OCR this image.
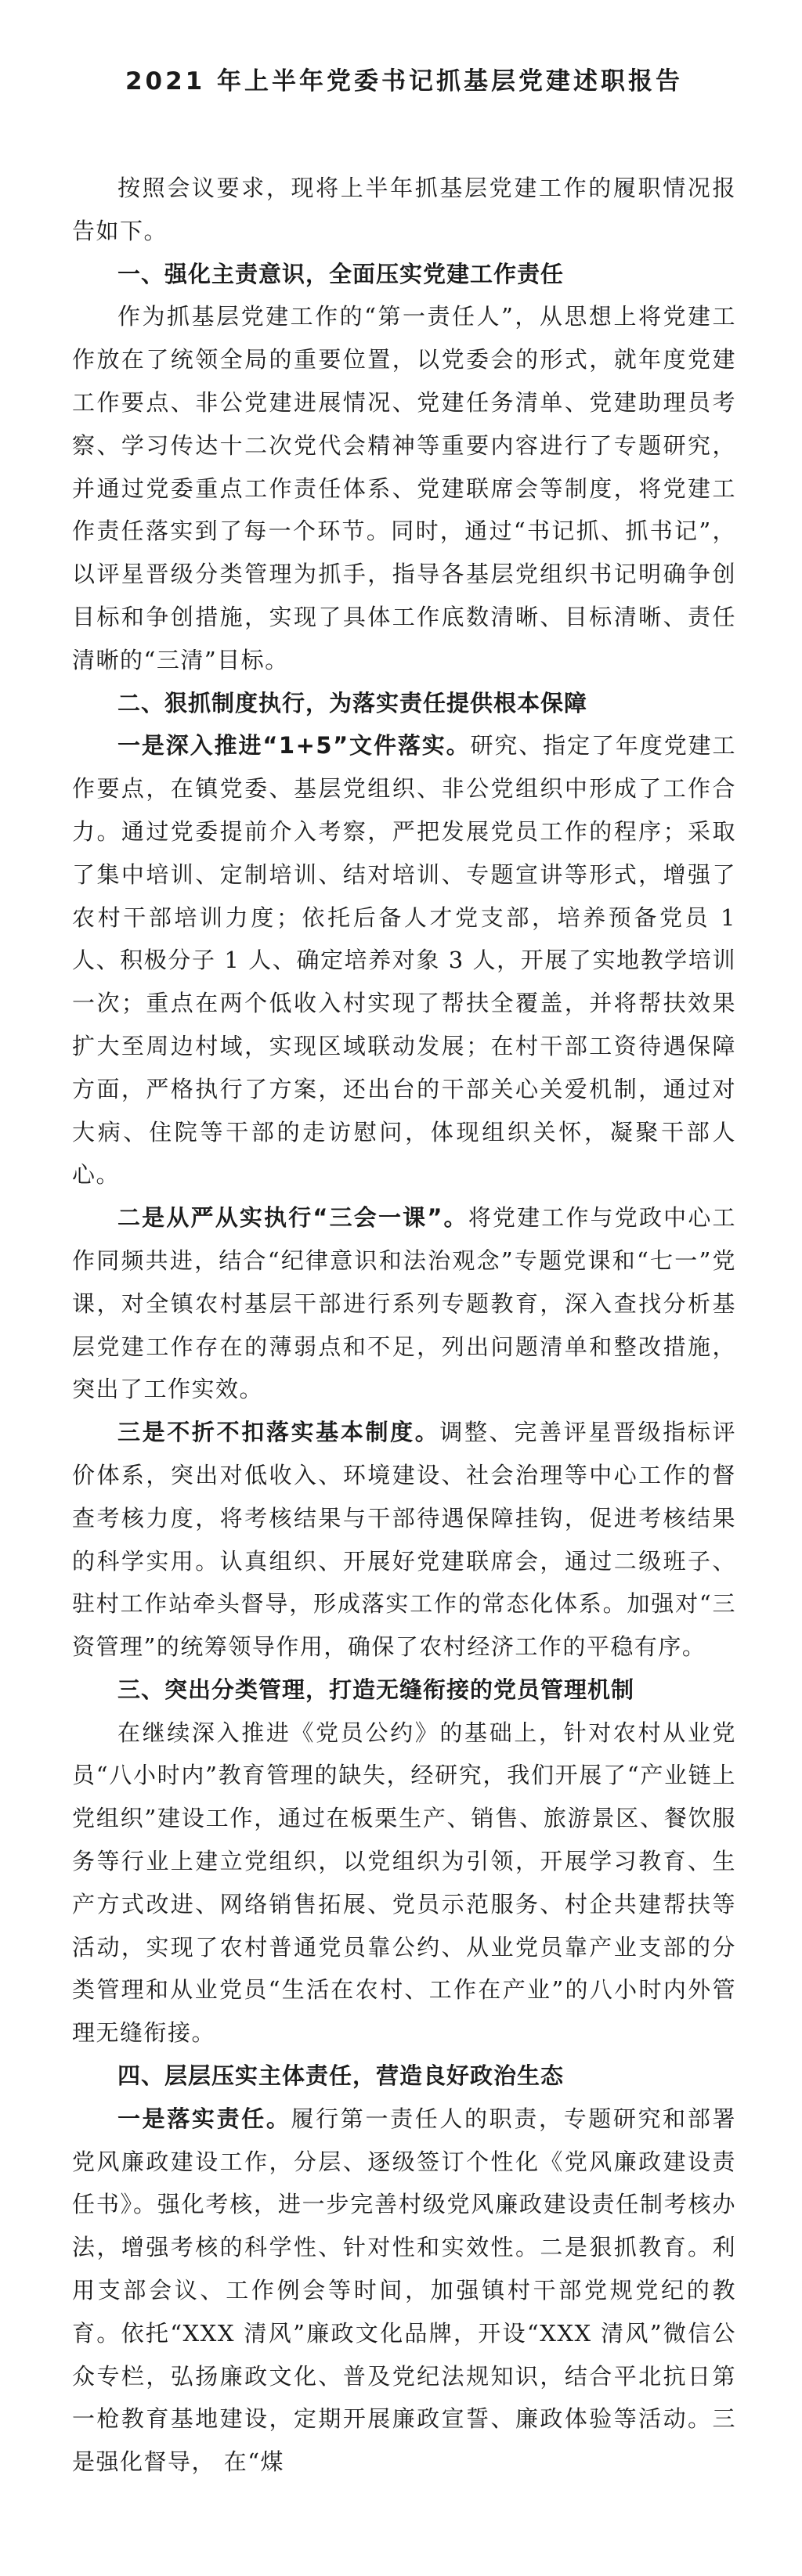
2021 年上半年党委书记抓基层党建述职报告

按照会议要求，现将上半年抓基层党建工作的履职情况报告如下。

一、强化主责意识，全面压实党建工作责任

作为抓基层党建工作的“第一责任人”，从思想上将党建工作放在了统领全局的重要位置，以党委会的形式，就年度党建工作要点、非公党建进展情况、党建任务清单、党建助理员考察、学习传达十二次党代会精神等重要内容进行了专题研究，并通过党委重点工作责任体系、党建联席会等制度，将党建工作责任落实到了每一个环节。同时，通过“书记抓、抓书记”，以评星晋级分类管理为抓手，指导各基层党组织书记明确争创目标和争创措施，实现了具体工作底数清晰、目标清晰、责任清晰的“三清”目标。

二、狠抓制度执行，为落实责任提供根本保障

一是深入推进“1+5”文件落实。研究、指定了年度党建工作要点，在镇党委、基层党组织、非公党组织中形成了工作合力。通过党委提前介入考察，严把发展党员工作的程序；采取了集中培训、定制培训、结对培训、专题宣讲等形式，增强了农村干部培训力度；依托后备人才党支部，培养预备党员 1 人、积极分子 1 人、确定培养对象 3 人，开展了实地教学培训一次；重点在两个低收入村实现了帮扶全覆盖，并将帮扶效果扩大至周边村域，实现区域联动发展；在村干部工资待遇保障方面，严格执行了方案，还出台的干部关心关爱机制，通过对大病、住院等干部的走访慰问，体现组织关怀，凝聚干部人心。

二是从严从实执行“三会一课”。将党建工作与党政中心工作同频共进，结合“纪律意识和法治观念”专题党课和“七一”党课，对全镇农村基层干部进行系列专题教育，深入查找分析基层党建工作存在的薄弱点和不足，列出问题清单和整改措施，突出了工作实效。

三是不折不扣落实基本制度。调整、完善评星晋级指标评价体系，突出对低收入、环境建设、社会治理等中心工作的督查考核力度，将考核结果与干部待遇保障挂钩，促进考核结果的科学实用。认真组织、开展好党建联席会，通过二级班子、驻村工作站牵头督导，形成落实工作的常态化体系。加强对“三资管理”的统筹领导作用，确保了农村经济工作的平稳有序。

三、突出分类管理，打造无缝衔接的党员管理机制

在继续深入推进《党员公约》的基础上，针对农村从业党员“八小时内”教育管理的缺失，经研究，我们开展了“产业链上党组织”建设工作，通过在板栗生产、销售、旅游景区、餐饮服务等行业上建立党组织，以党组织为引领，开展学习教育、生产方式改进、网络销售拓展、党员示范服务、村企共建帮扶等活动，实现了农村普通党员靠公约、从业党员靠产业支部的分类管理和从业党员“生活在农村、工作在产业”的八小时内外管理无缝衔接。

四、层层压实主体责任，营造良好政治生态

一是落实责任。履行第一责任人的职责，专题研究和部署党风廉政建设工作，分层、逐级签订个性化《党风廉政建设责任书》。强化考核，进一步完善村级党风廉政建设责任制考核办法，增强考核的科学性、针对性和实效性。二是狠抓教育。利用支部会议、工作例会等时间，加强镇村干部党规党纪的教育。依托“XXX 清风”廉政文化品牌，开设“XXX 清风”微信公众专栏，弘扬廉政文化、普及党纪法规知识，结合平北抗日第一枪教育基地建设，定期开展廉政宣誓、廉政体验等活动。三是强化督导， 在“煤
